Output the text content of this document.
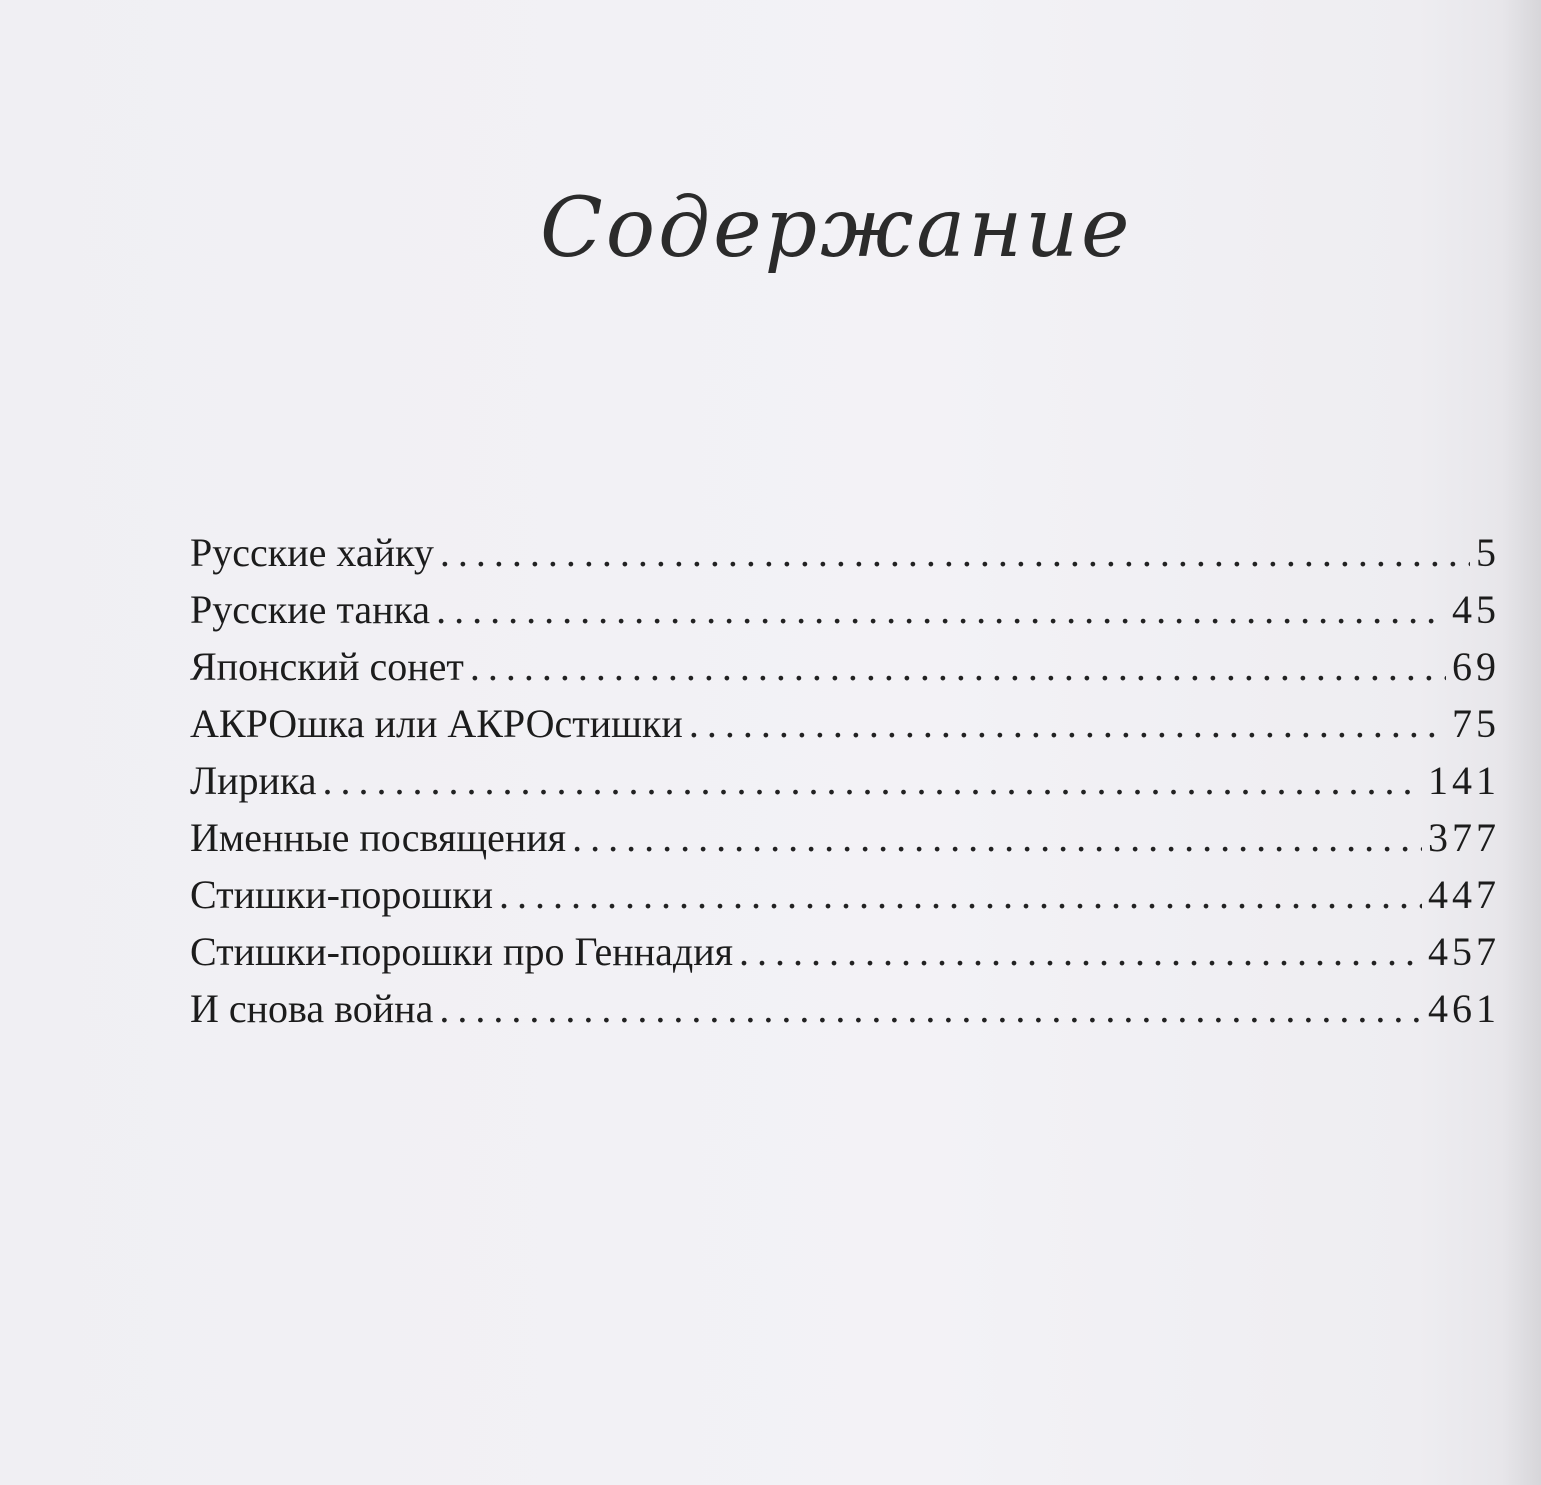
Содержание
Русские хайку .....	5
Русские танка .....	45
Японский сонет .....	69
АКРОшка или АКРОстишки .....	75
Лирика .....	141
Именные посвящения .....	377
Стишки-порошки .....	447
Стишки-порошки про Геннадия .....	457
И снова война .....	461
